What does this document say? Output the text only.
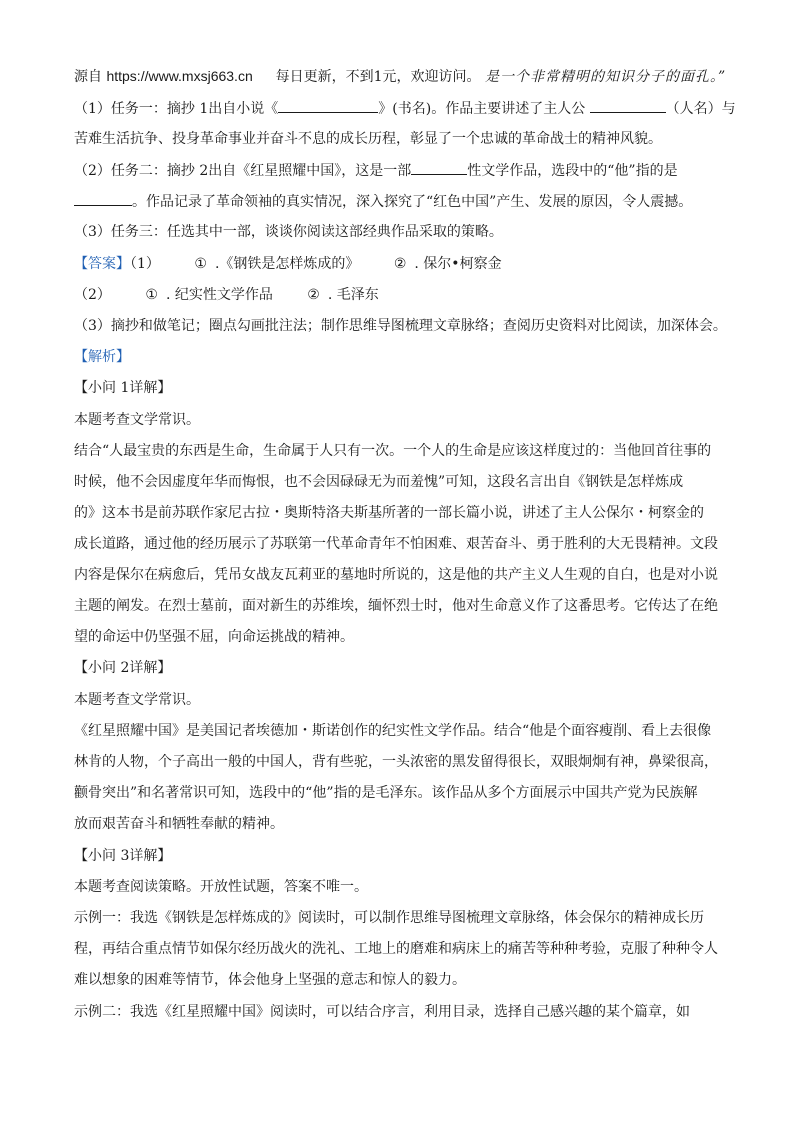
源自 https://www.mxsj663.cn 每日更新，不到1元，欢迎访问。 是一个非常精明的知识分子的面孔。”
（1）任务一：摘抄 1出自小说《	》(书名)。作品主要讲述了主人公	（人名）与
苦难生活抗争、投身革命事业并奋斗不息的成长历程，彰显了一个忠诚的革命战士的精神风貌。
（2）任务二：摘抄 2出自《红星照耀中国》，这是一部	性文学作品，选段中的“他”指的是
。作品记录了革命领袖的真实情况，深入探究了“红色中国”产生、发展的原因，令人震撼。
（3）任务三：任选其中一部，谈谈你阅读这部经典作品采取的策略。
【答案】（1） ① .《钢铁是怎样炼成的》 ② . 保尔•柯察金
（2） ① . 纪实性文学作品 ② . 毛泽东
（3）摘抄和做笔记；圈点勾画批注法；制作思维导图梳理文章脉络；查阅历史资料对比阅读，加深体会。
【解析】
【小问 1详解】
本题考查文学常识。
结合“人最宝贵的东西是生命，生命属于人只有一次。一个人的生命是应该这样度过的：当他回首往事的
时候，他不会因虚度年华而悔恨，也不会因碌碌无为而羞愧”可知，这段名言出自《钢铁是怎样炼成
的》这本书是前苏联作家尼古拉・奥斯特洛夫斯基所著的一部长篇小说，讲述了主人公保尔・柯察金的
成长道路，通过他的经历展示了苏联第一代革命青年不怕困难、艰苦奋斗、勇于胜利的大无畏精神。文段
内容是保尔在病愈后，凭吊女战友瓦莉亚的墓地时所说的，这是他的共产主义人生观的自白，也是对小说
主题的阐发。在烈士墓前，面对新生的苏维埃，缅怀烈士时，他对生命意义作了这番思考。它传达了在绝
望的命运中仍坚强不屈，向命运挑战的精神。
【小问 2详解】
本题考查文学常识。
《红星照耀中国》是美国记者埃德加・斯诺创作的纪实性文学作品。结合“他是个面容瘦削、看上去很像
林肯的人物，个子高出一般的中国人，背有些驼，一头浓密的黑发留得很长，双眼炯炯有神，鼻梁很高，
颧骨突出”和名著常识可知，选段中的“他”指的是毛泽东。该作品从多个方面展示中国共产党为民族解
放而艰苦奋斗和牺牲奉献的精神。
【小问 3详解】
本题考查阅读策略。开放性试题，答案不唯一。
示例一：我选《钢铁是怎样炼成的》阅读时，可以制作思维导图梳理文章脉络，体会保尔的精神成长历
程，再结合重点情节如保尔经历战火的洗礼、工地上的磨难和病床上的痛苦等种种考验，克服了种种令人
难以想象的困难等情节，体会他身上坚强的意志和惊人的毅力。
示例二：我选《红星照耀中国》阅读时，可以结合序言，利用目录，选择自己感兴趣的某个篇章，如
